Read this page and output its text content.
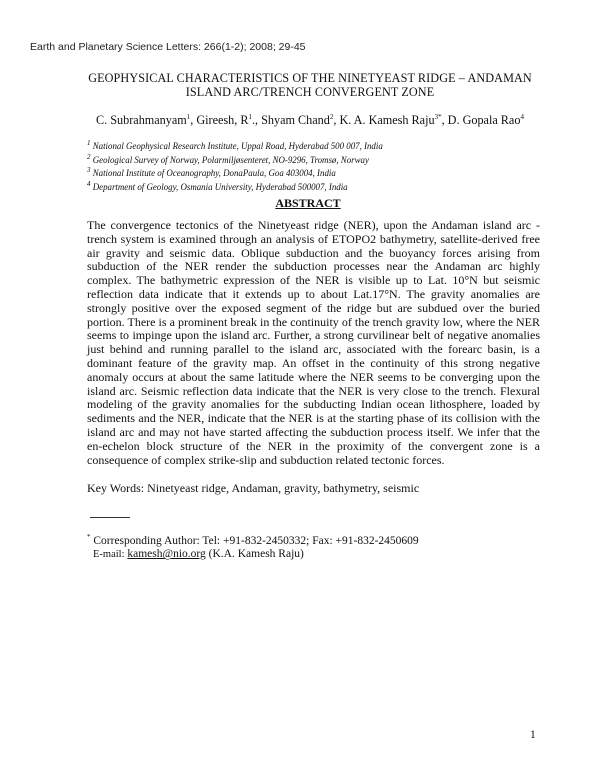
Earth and Planetary Science Letters: 266(1-2); 2008; 29-45
GEOPHYSICAL CHARACTERISTICS OF THE NINETYEAST RIDGE – ANDAMAN
ISLAND ARC/TRENCH CONVERGENT ZONE
C. Subrahmanyam$^1$, Gireesh, $R^1$., Shyam Chand$^2$, K. A. Kamesh Raju$^{3*}$, D. Gopala Rao$^4$
$^1$ National Geophysical Research Institute, Uppal Road, Hyderabad 500 007, India
$^2$ Geological Survey of Norway, Polarmiljøsenteret, NO-9296, Tromsø, Norway
$^3$ National Institute of Oceanography, DonaPaula, Goa 403004, India
$^4$ Department of Geology, Osmania University, Hyderabad 500007, India
ABSTRACT

The convergence tectonics of the Ninetyeast ridge (NER), upon the Andaman island arc - trench system is examined through an analysis of ETOPO2 bathymetry, satellite-derived free air gravity and seismic data. Oblique subduction and the buoyancy forces arising from subduction of the NER render the subduction processes near the Andaman arc highly complex. The bathymetric expression of the NER is visible up to Lat. 10°N but seismic reflection data indicate that it extends up to about Lat.17°N. The gravity anomalies are strongly positive over the exposed segment of the ridge but are subdued over the buried portion. There is a prominent break in the continuity of the trench gravity low, where the NER seems to impinge upon the island arc. Further, a strong curvilinear belt of negative anomalies just behind and running parallel to the island arc, associated with the forearc basin, is a dominant feature of the gravity map. An offset in the continuity of this strong negative anomaly occurs at about the same latitude where the NER seems to be converging upon the island arc. Seismic reflection data indicate that the NER is very close to the trench. Flexural modeling of the gravity anomalies for the subducting Indian ocean lithosphere, loaded by sediments and the NER, indicate that the NER is at the starting phase of its collision with the island arc and may not have started affecting the subduction process itself. We infer that the en-echelon block structure of the NER in the proximity of the convergent zone is a consequence of complex strike-slip and subduction related tectonic forces.

Key Words: Ninetyeast ridge, Andaman, gravity, bathymetry, seismic

* Corresponding Author: Tel: +91-832-2450332; Fax: +91-832-2450609
E-mail: kamesh@nio.org (K.A. Kamesh Raju)
1
